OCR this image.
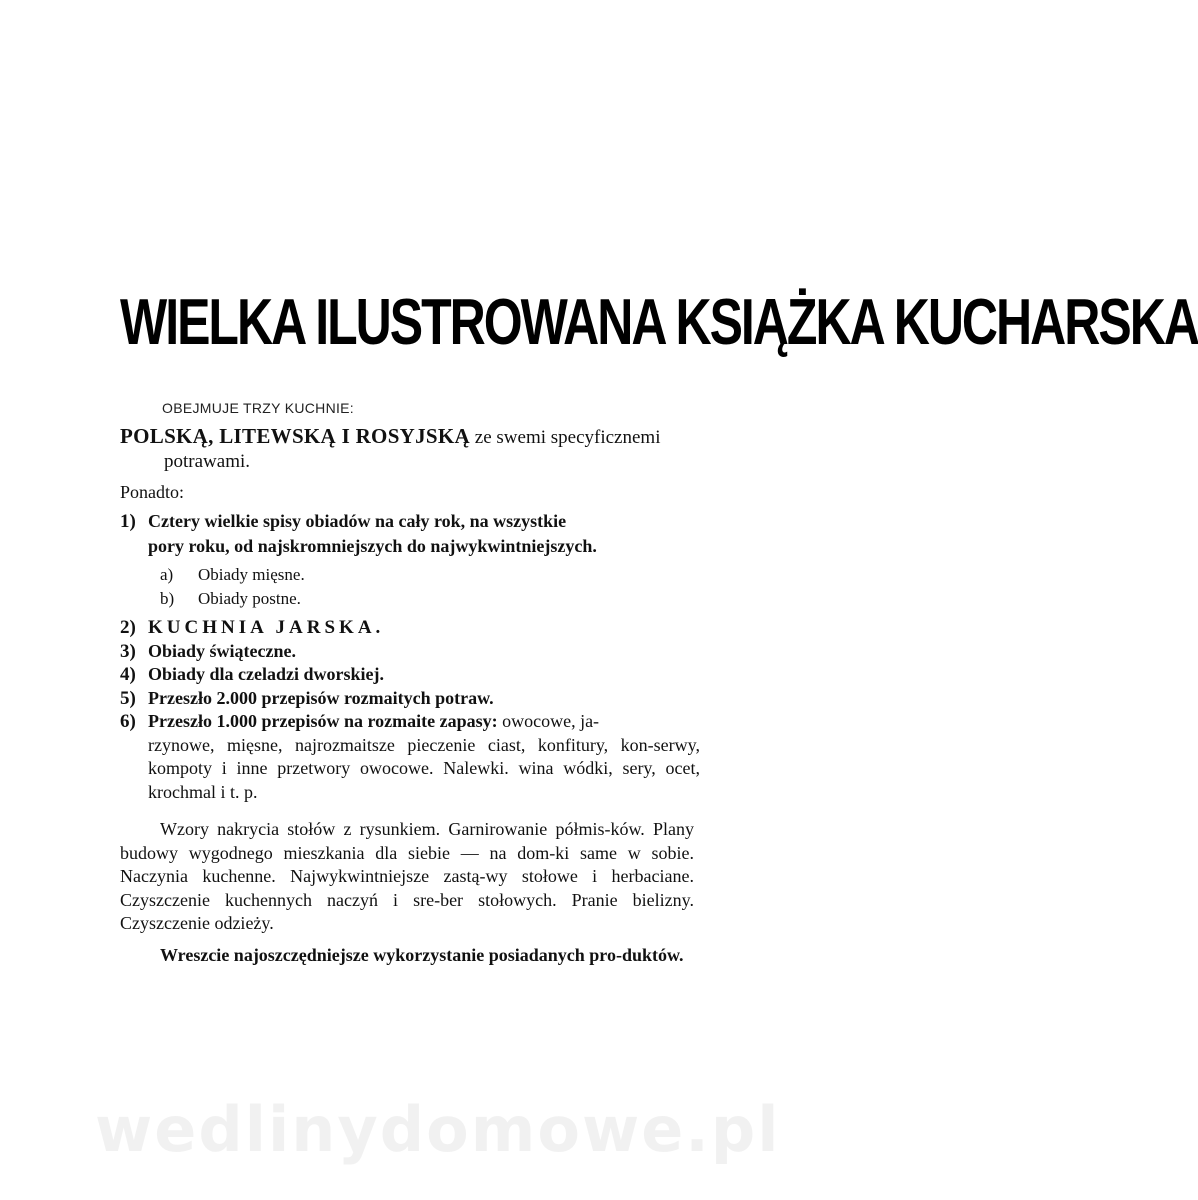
WIELKA ILUSTROWANA KSIĄŻKA KUCHARSKA
OBEJMUJE TRZY KUCHNIE:
POLSKĄ, LITEWSKĄ I ROSYJSKĄ ze swemi specyficznemi
potrawami.
Ponadto:
1) Cztery wielkie spisy obiadów na cały rok, na wszystkie
pory roku, od najskromniejszych do najwykwintniejszych.
a) Obiady mięsne.
b) Obiady postne.
2) KUCHNIA JARSKA.
3) Obiady świąteczne.
4) Obiady dla czeladzi dworskiej.
5) Przeszło 2.000 przepisów rozmaitych potraw.
6) Przeszło 1.000 przepisów na rozmaite zapasy: owocowe, ja-
rzynowe, mięsne, najrozmaitsze pieczenie ciast, konfitury, kon-serwy, kompoty i inne przetwory owocowe. Nalewki. wina wódki, sery, ocet, krochmal i t. p.
Wzory nakrycia stołów z rysunkiem. Garnirowanie półmis-ków. Plany budowy wygodnego mieszkania dla siebie — na dom-ki same w sobie. Naczynia kuchenne. Najwykwintniejsze zastą-wy stołowe i herbaciane. Czyszczenie kuchennych naczyń i sre-ber stołowych. Pranie bielizny. Czyszczenie odzieży.
Wreszcie najoszczędniejsze wykorzystanie posiadanych pro-duktów.
wedlinydomowe.pl
